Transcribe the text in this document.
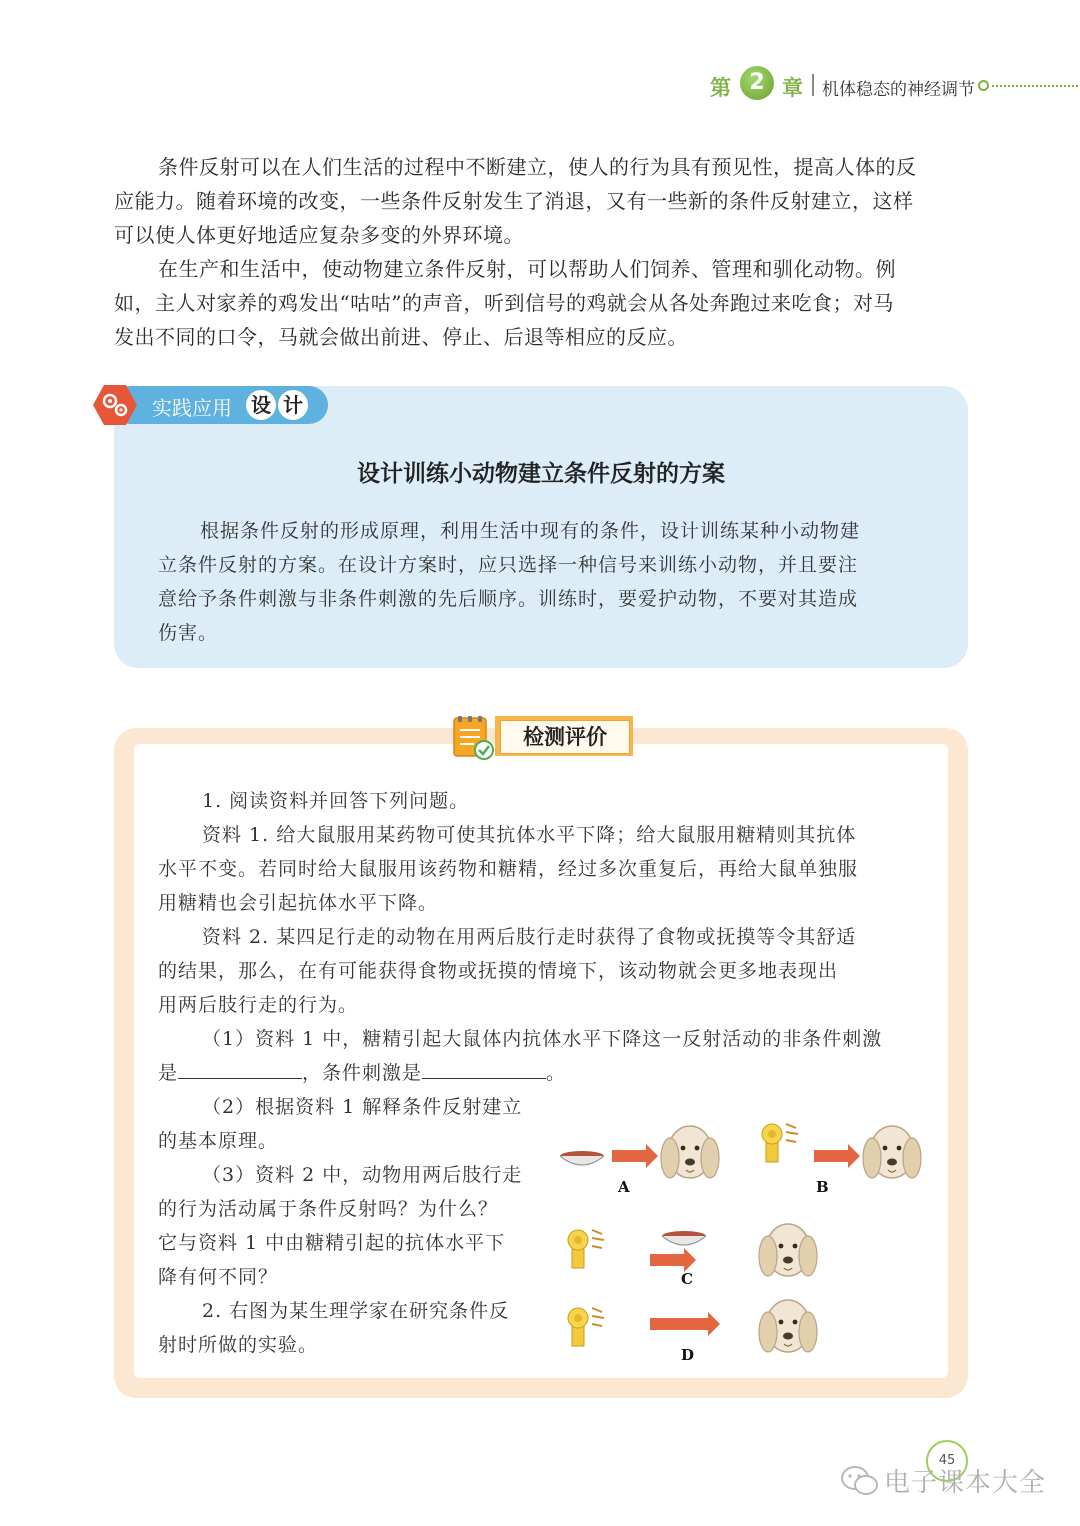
第 2 章 机体稳态的神经调节

条件反射可以在人们生活的过程中不断建立，使人的行为具有预见性，提高人体的反
应能力。随着环境的改变，一些条件反射发生了消退，又有一些新的条件反射建立，这样
可以使人体更好地适应复杂多变的外界环境。

在生产和生活中，使动物建立条件反射，可以帮助人们饲养、管理和驯化动物。例
如，主人对家养的鸡发出“咕咕”的声音，听到信号的鸡就会从各处奔跑过来吃食；对马
发出不同的口令，马就会做出前进、停止、后退等相应的反应。

实践应用 设 计
设计训练小动物建立条件反射的方案

根据条件反射的形成原理，利用生活中现有的条件，设计训练某种小动物建
立条件反射的方案。在设计方案时，应只选择一种信号来训练小动物，并且要注
意给予条件刺激与非条件刺激的先后顺序。训练时，要爱护动物，不要对其造成
伤害。

检测评价

1. 阅读资料并回答下列问题。

资料 1. 给大鼠服用某药物可使其抗体水平下降；给大鼠服用糖精则其抗体
水平不变。若同时给大鼠服用该药物和糖精，经过多次重复后，再给大鼠单独服
用糖精也会引起抗体水平下降。

资料 2. 某四足行走的动物在用两后肢行走时获得了食物或抚摸等令其舒适
的结果，那么，在有可能获得食物或抚摸的情境下，该动物就会更多地表现出
用两后肢行走的行为。

（1）资料 1 中，糖精引起大鼠体内抗体水平下降这一反射活动的非条件刺激
是	，条件刺激是	。

（2）根据资料 1 解释条件反射建立
的基本原理。

（3）资料 2 中，动物用两后肢行走
的行为活动属于条件反射吗？为什么？
它与资料 1 中由糖精引起的抗体水平下
降有何不同？

2. 右图为某生理学家在研究条件反
射时所做的实验。

A	B
C
D
45
电子课本大全
